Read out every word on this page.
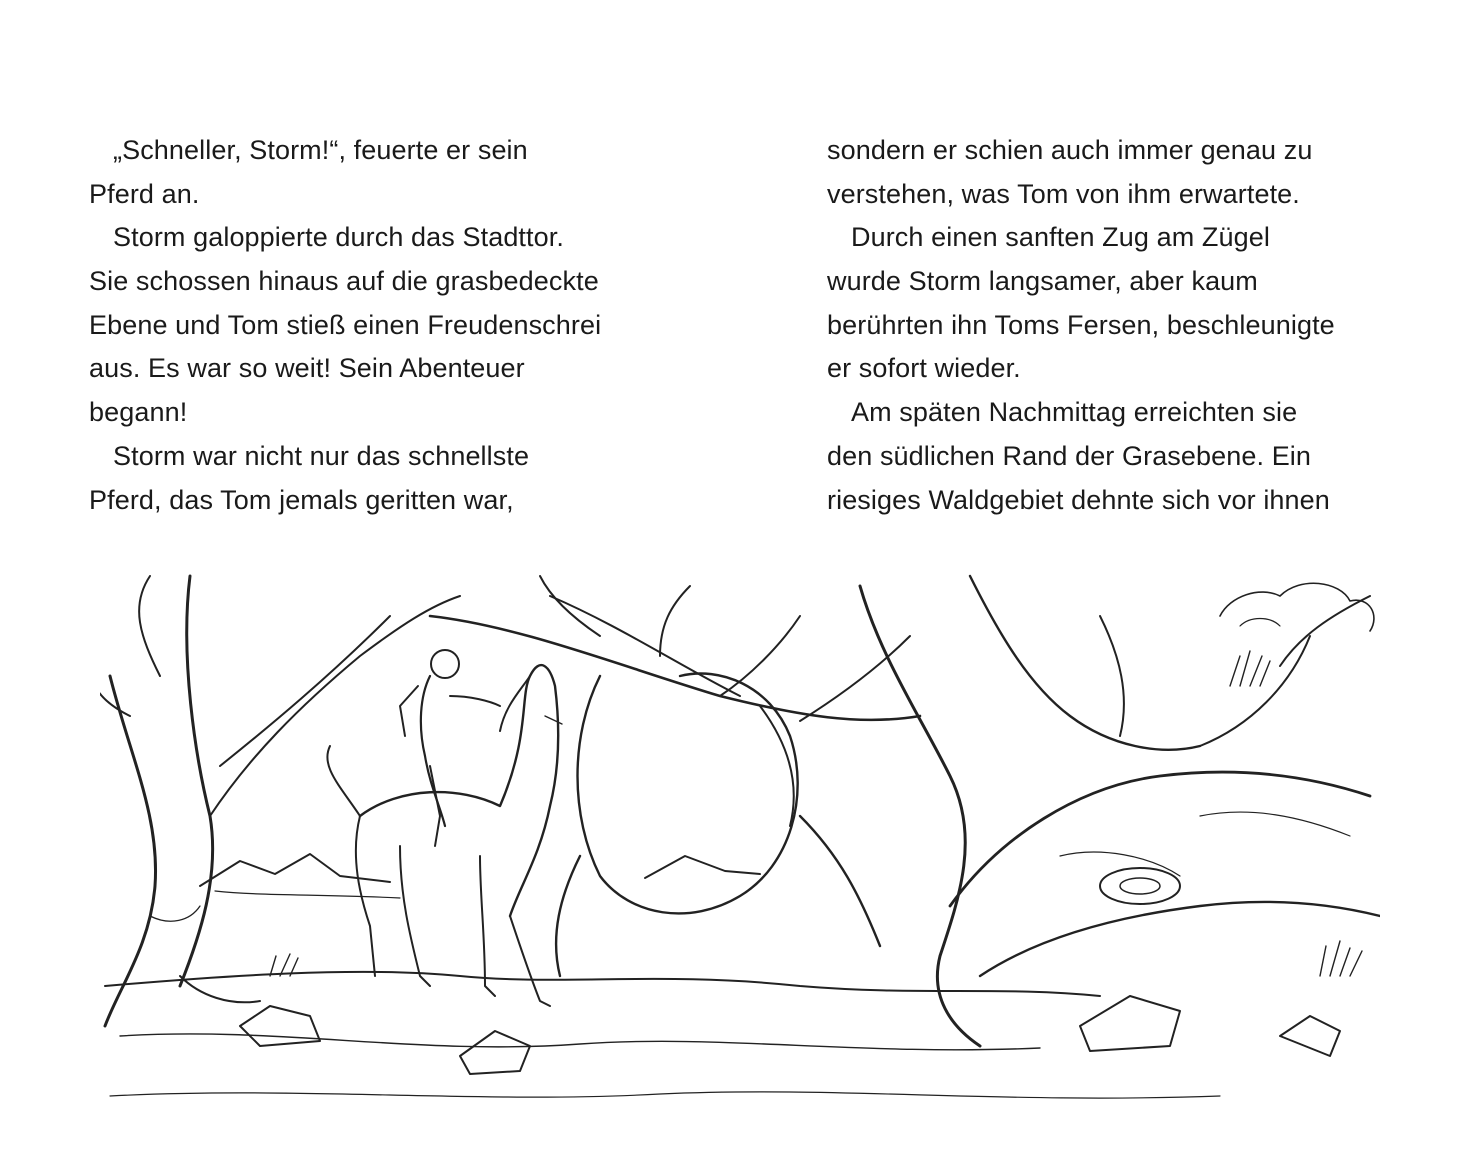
„Schneller, Storm!“, feuerte er sein
Pferd an.
Storm galoppierte durch das Stadttor.
Sie schossen hinaus auf die grasbedeckte
Ebene und Tom stieß einen Freudenschrei
aus. Es war so weit! Sein Abenteuer
begann!
Storm war nicht nur das schnellste
Pferd, das Tom jemals geritten war,
sondern er schien auch immer genau zu
verstehen, was Tom von ihm erwartete.
Durch einen sanften Zug am Zügel
wurde Storm langsamer, aber kaum
berührten ihn Toms Fersen, beschleunigte
er sofort wieder.
Am späten Nachmittag erreichten sie
den südlichen Rand der Grasebene. Ein
riesiges Waldgebiet dehnte sich vor ihnen
